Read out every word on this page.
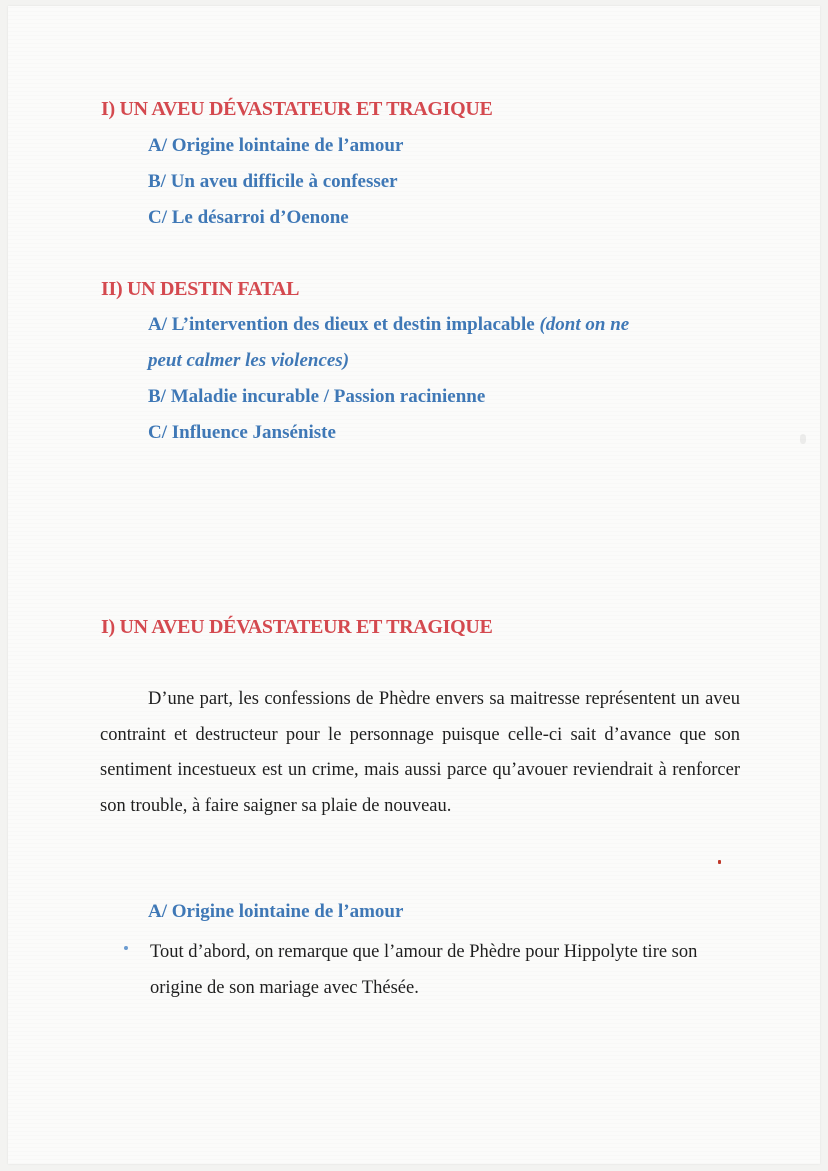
I) UN AVEU DÉVASTATEUR ET TRAGIQUE

A/ Origine lointaine de l’amour

B/ Un aveu difficile à confesser

C/ Le désarroi d’Oenone

II) UN DESTIN FATAL

A/ L’intervention des dieux et destin implacable (dont on ne

peut calmer les violences)

B/ Maladie incurable / Passion racinienne

C/ Influence Janséniste

I) UN AVEU DÉVASTATEUR ET TRAGIQUE

D’une part, les confessions de Phèdre envers sa maitresse représentent un aveu contraint et destructeur pour le personnage puisque celle-ci sait d’avance que son sentiment incestueux est un crime, mais aussi parce qu’avouer reviendrait à renforcer son trouble, à faire saigner sa plaie de nouveau.

A/ Origine lointaine de l’amour

Tout d’abord, on remarque que l’amour de Phèdre pour Hippolyte tire son origine de son mariage avec Thésée.
